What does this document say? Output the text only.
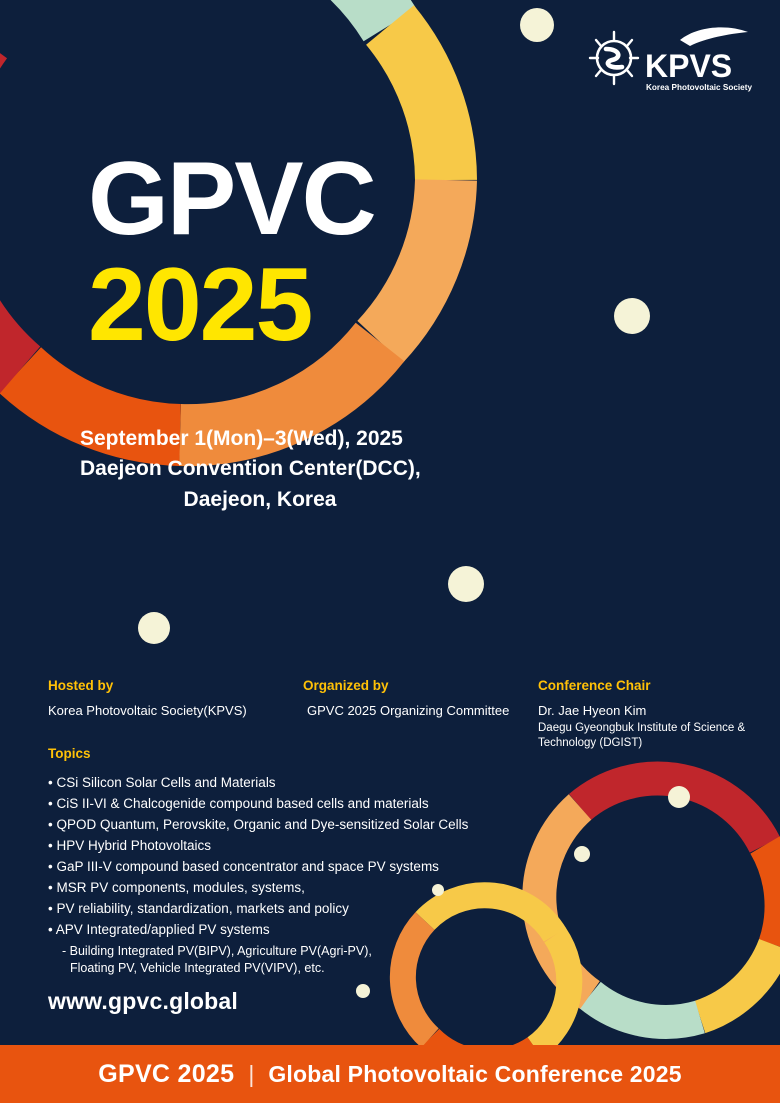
KPVS
Korea Photovoltaic Society
GPVC
2025

September 1(Mon)–3(Wed), 2025

Daejeon Convention Center(DCC),

Daejeon, Korea

Hosted by

Korea Photovoltaic Society(KPVS)

Organized by

GPVC 2025 Organizing Committee

Conference Chair

Dr. Jae Hyeon Kim

Daegu Gyeongbuk Institute of Science & Technology (DGIST)

Topics

• CSi Silicon Solar Cells and Materials

• CiS II-VI & Chalcogenide compound based cells and materials

• QPOD Quantum, Perovskite, Organic and Dye-sensitized Solar Cells

• HPV Hybrid Photovoltaics

• GaP III-V compound based concentrator and space PV systems

• MSR PV components, modules, systems,

• PV reliability, standardization, markets and policy

• APV Integrated/applied PV systems

- Building Integrated PV(BIPV), Agriculture PV(Agri-PV),

Floating PV, Vehicle Integrated PV(VIPV), etc.

www.gpvc.global
GPVC 2025 | Global Photovoltaic Conference 2025
